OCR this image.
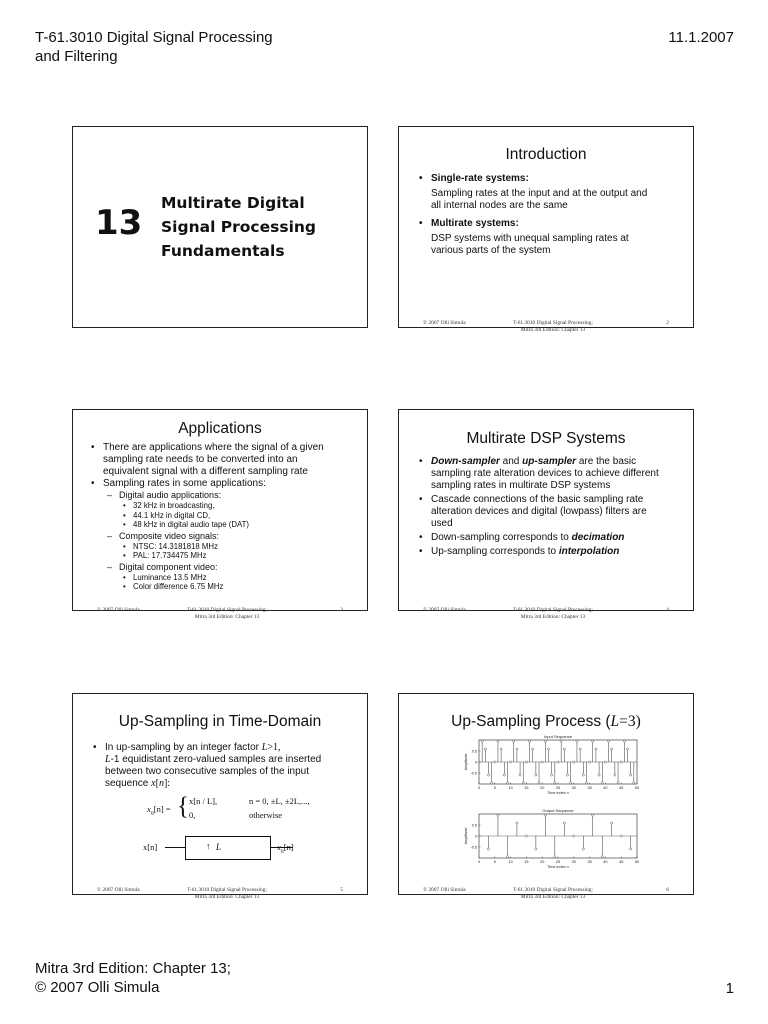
T-61.3010 Digital Signal Processing
and Filtering
11.1.2007
13 Multirate Digital
Signal Processing
Fundamentals
Introduction
• Single-rate systems:
Sampling rates at the input and at the output and
all internal nodes are the same
• Multirate systems:
DSP systems with unequal sampling rates at
various parts of the system
© 2007 Olli Simula	T-61.3010 Digital Signal Processing;
Mitra 3rd Edition: Chapter 13
2
Applications
• There are applications where the signal of a given
sampling rate needs to be converted into an
equivalent signal with a different sampling rate
• Sampling rates in some applications:
– Digital audio applications:
• 32 kHz in broadcasting,
• 44.1 kHz in digital CD,
• 48 kHz in digital audio tape (DAT)
– Composite video signals:
• NTSC: 14.3181818 MHz
• PAL: 17.734475 MHz
– Digital component video:
• Luminance 13.5 MHz
• Color difference 6.75 MHz
© 2007 Olli Simula	T-61.3010 Digital Signal Processing;
Mitra 3rd Edition: Chapter 13
3
Multirate DSP Systems
• Down-sampler and up-sampler are the basic
sampling rate alteration devices to achieve different
sampling rates in multirate DSP systems
• Cascade connections of the basic sampling rate
alteration devices and digital (lowpass) filters are
used
• Down-sampling corresponds to decimation
• Up-sampling corresponds to interpolation
© 2007 Olli Simula	T-61.3010 Digital Signal Processing;
Mitra 3rd Edition: Chapter 13
4
Up-Sampling in Time-Domain
• In up-sampling by an integer factor L>1,
L-1 equidistant zero-valued samples are inserted
between two consecutive samples of the input
sequence x[n]:
$x_u[n]$ = { x[n / L],	n = 0, ±L, ±2L,...,
0,	otherwise
x[n]	↑ L	$x_u[n]$
© 2007 Olli Simula	T-61.3010 Digital Signal Processing;
Mitra 3rd Edition: Chapter 13
5
Up-Sampling Process (L=3)
Input Sequence
0	5	10	15	20	25	30	35	40	45	50
-0.5
0
0.5
Time index n
Amplitude
Output Sequence
0	5	10	15	20	25	30	35	40	45	50
-0.5
0
0.5
Time index n
Amplitude
© 2007 Olli Simula	T-61.3010 Digital Signal Processing;
Mitra 3rd Edition: Chapter 13
6
Mitra 3rd Edition: Chapter 13;
© 2007 Olli Simula	1
